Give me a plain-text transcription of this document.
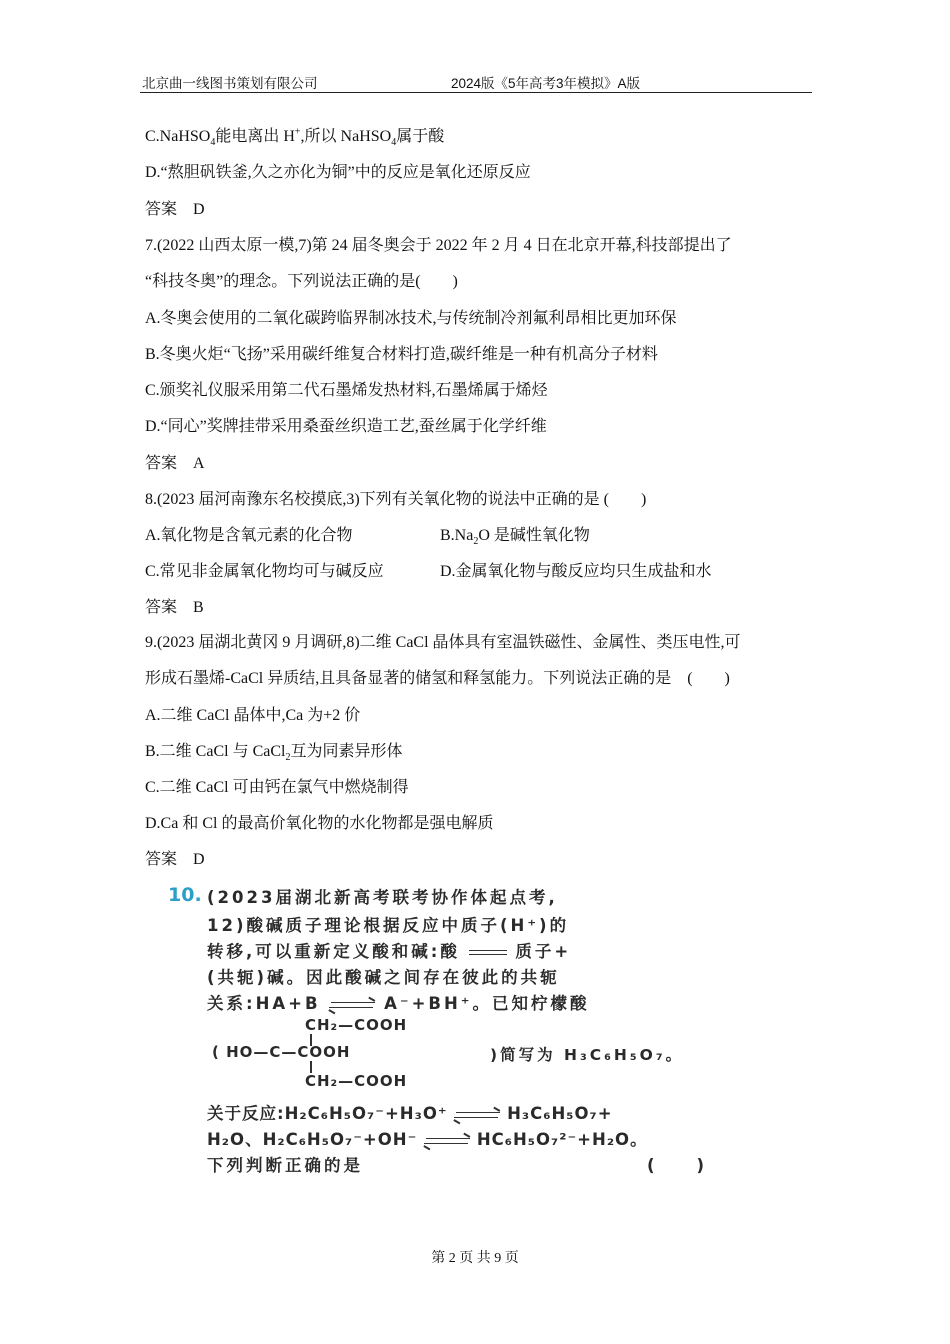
北京曲一线图书策划有限公司	2024版《5年高考3年模拟》A版
C.NaHSO$_4$能电离出 H+,所以 NaHSO$_4$属于酸
D.“熬胆矾铁釜,久之亦化为铜”中的反应是氧化还原反应
答案　D
7.(2022 山西太原一模,7)第 24 届冬奥会于 2022 年 2 月 4 日在北京开幕,科技部提出了
“科技冬奥”的理念。下列说法正确的是(　　)
A.冬奥会使用的二氧化碳跨临界制冰技术,与传统制冷剂氟利昂相比更加环保
B.冬奥火炬“飞扬”采用碳纤维复合材料打造,碳纤维是一种有机高分子材料
C.颁奖礼仪服采用第二代石墨烯发热材料,石墨烯属于烯烃
D.“同心”奖牌挂带采用桑蚕丝织造工艺,蚕丝属于化学纤维
答案　A
8.(2023 届河南豫东名校摸底,3)下列有关氧化物的说法中正确的是 (　　)
A.氧化物是含氧元素的化合物	$B.Na_2O$ 是碱性氧化物
C.常见非金属氧化物均可与碱反应	D.金属氧化物与酸反应均只生成盐和水
答案　B
9.(2023 届湖北黄冈 9 月调研,8)二维 CaCl 晶体具有室温铁磁性、金属性、类压电性,可
形成石墨烯-CaCl 异质结,且具备显著的储氢和释氢能力。下列说法正确的是　(　　)
A.二维 CaCl 晶体中,Ca 为+2 价
B.二维 CaCl 与 CaCl$_2$互为同素异形体
C.二维 CaCl 可由钙在氯气中燃烧制得
D.Ca 和 Cl 的最高价氧化物的水化物都是强电解质
答案　D
10. (2023届湖北新高考联考协作体起点考,
12)酸碱质子理论根据反应中质子(H⁺)的
转移,可以重新定义酸和碱:酸	质子+
(共轭)碱。因此酸碱之间存在彼此的共轭
关系:HA+B	A⁻+BH⁺。已知柠檬酸
CH₂—COOH
( HO—C—COOH	)简写为 H₃C₆H₅O₇。
CH₂—COOH
关于反应:H₂C₆H₅O₇⁻+H₃O⁺	H₃C₆H₅O₇+
H₂O、H₂C₆H₅O₇⁻+OH⁻	HC₆H₅O₇²⁻+H₂O。
下列判断正确的是	(　　)
第 2 页 共 9 页
